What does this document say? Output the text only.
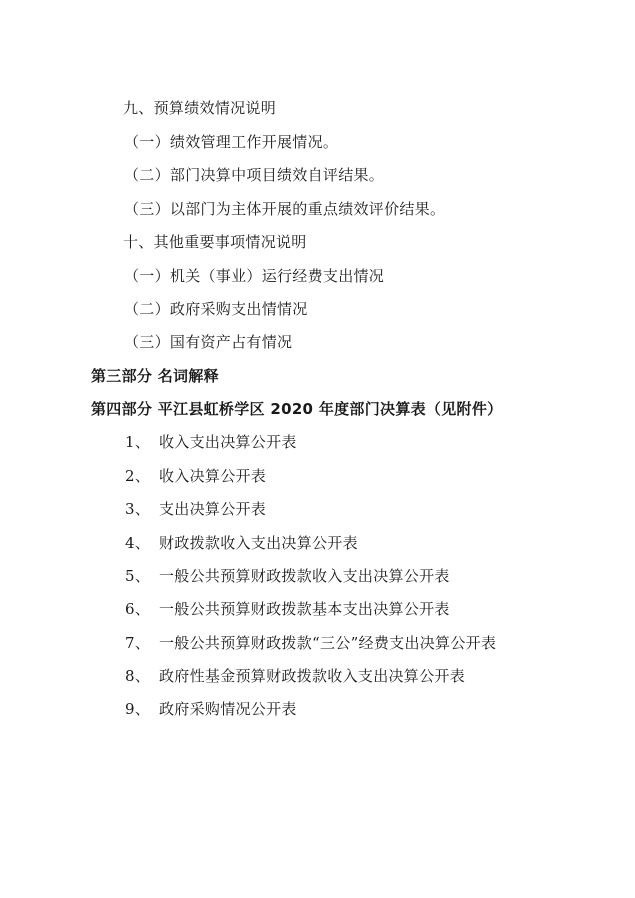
九、预算绩效情况说明
（一）绩效管理工作开展情况。
（二）部门决算中项目绩效自评结果。
（三）以部门为主体开展的重点绩效评价结果。
十、其他重要事项情况说明
（一）机关（事业）运行经费支出情况
（二）政府采购支出情情况
（三）国有资产占有情况
第三部分 名词解释
第四部分 平江县虹桥学区 2020 年度部门决算表（见附件）
1、 收入支出决算公开表
2、 收入决算公开表
3、 支出决算公开表
4、 财政拨款收入支出决算公开表
5、 一般公共预算财政拨款收入支出决算公开表
6、 一般公共预算财政拨款基本支出决算公开表
7、 一般公共预算财政拨款“三公”经费支出决算公开表
8、 政府性基金预算财政拨款收入支出决算公开表
9、 政府采购情况公开表
